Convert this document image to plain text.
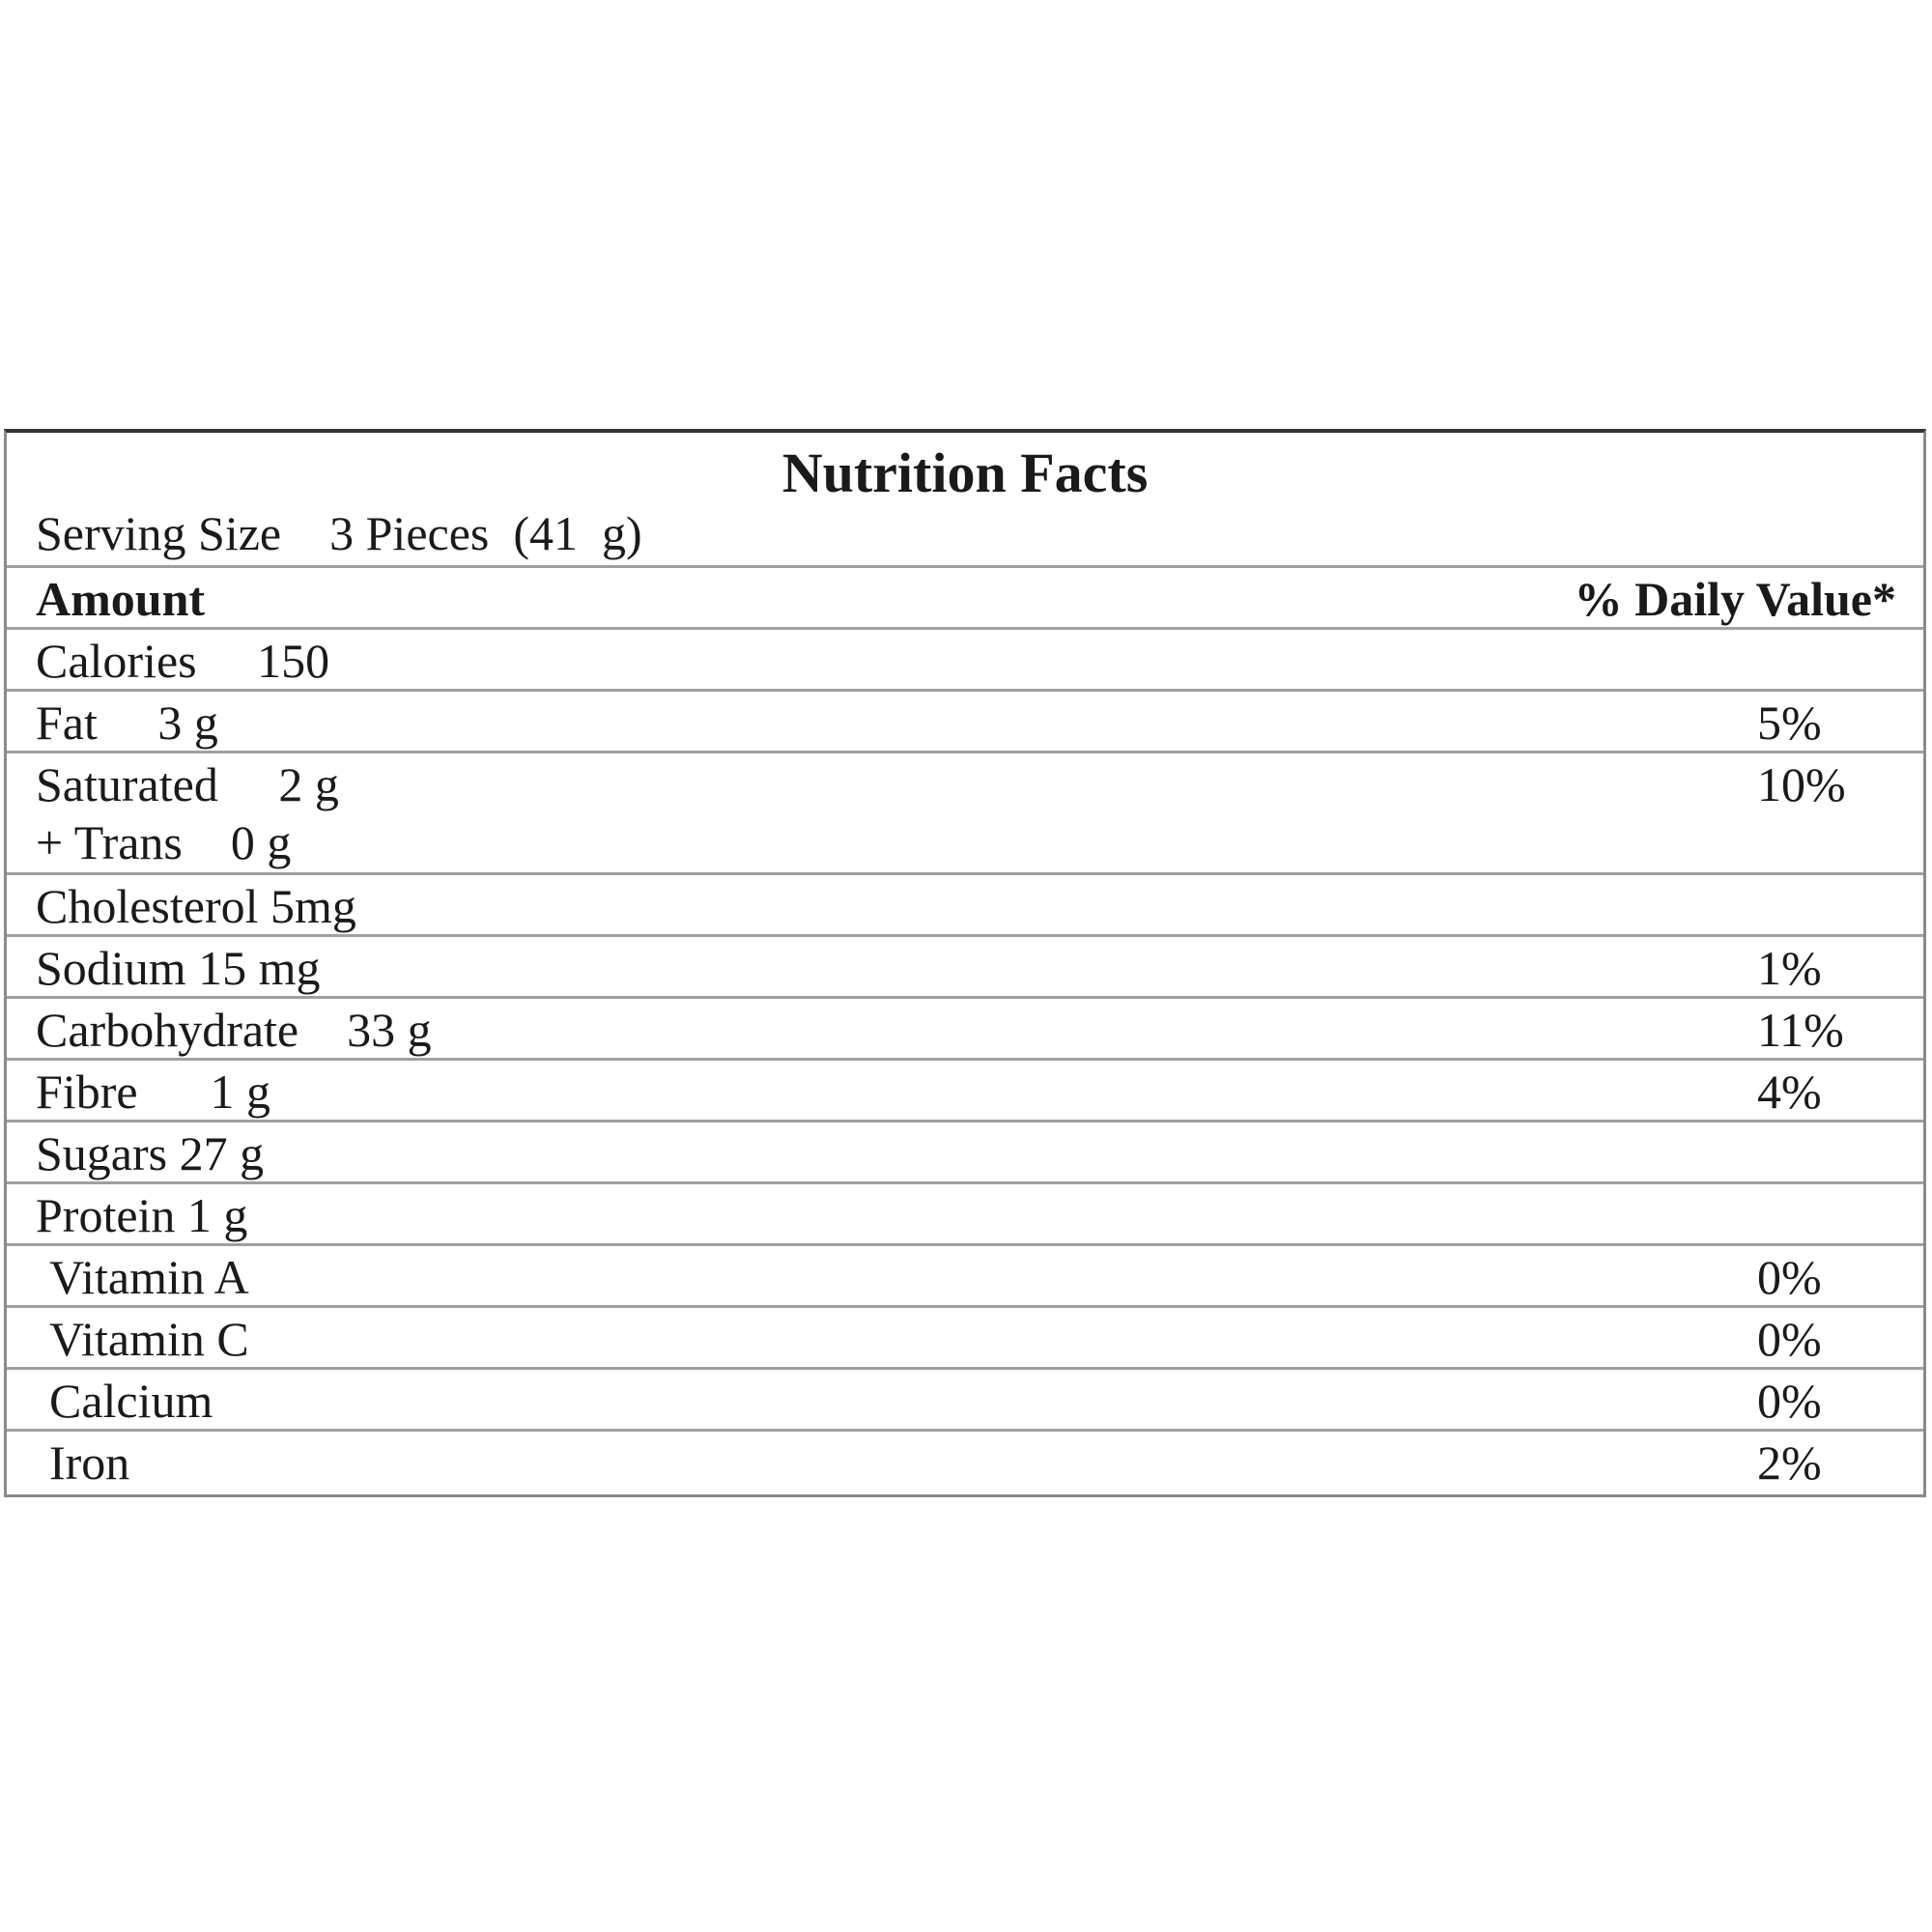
Nutrition Facts
Serving Size    3 Pieces  (41  g)
Amount	% Daily Value*
Calories     150
Fat     3 g	5%
Saturated     2 g	10%
+ Trans    0 g
Cholesterol 5mg
Sodium 15 mg	1%
Carbohydrate    33 g	11%
Fibre      1 g	4%
Sugars 27 g
Protein 1 g
Vitamin A	0%
Vitamin C	0%
Calcium	0%
Iron	2%
